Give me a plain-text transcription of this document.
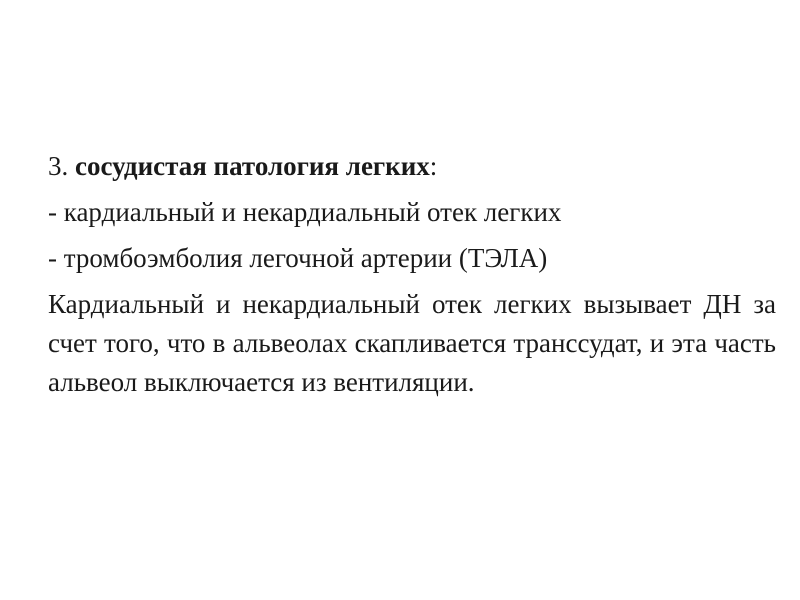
3. сосудистая патология легких:
- кардиальный и некардиальный отек легких
- тромбоэмболия легочной артерии (ТЭЛА)
Кардиальный и некардиальный отек легких вызывает ДН за счет того, что в альвеолах скапливается транссудат, и эта часть альвеол выключается из вентиляции.
